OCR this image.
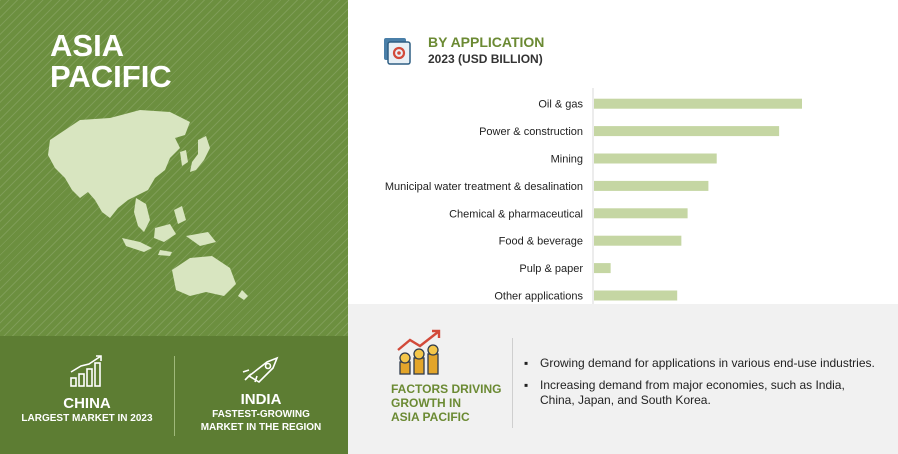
ASIA
PACIFIC
CHINA
LARGEST MARKET IN 2023
INDIA
FASTEST-GROWING
MARKET IN THE REGION
BY APPLICATION
2023 (USD BILLION)
Oil & gas
Power & construction
Mining
Municipal water treatment & desalination
Chemical & pharmaceutical
Food & beverage
Pulp & paper
Other applications
FACTORS DRIVING
GROWTH IN
ASIA PACIFIC
▪ Growing demand for applications in various end-use industries.
▪ Increasing demand from major economies, such as India, China, Japan, and South Korea.
